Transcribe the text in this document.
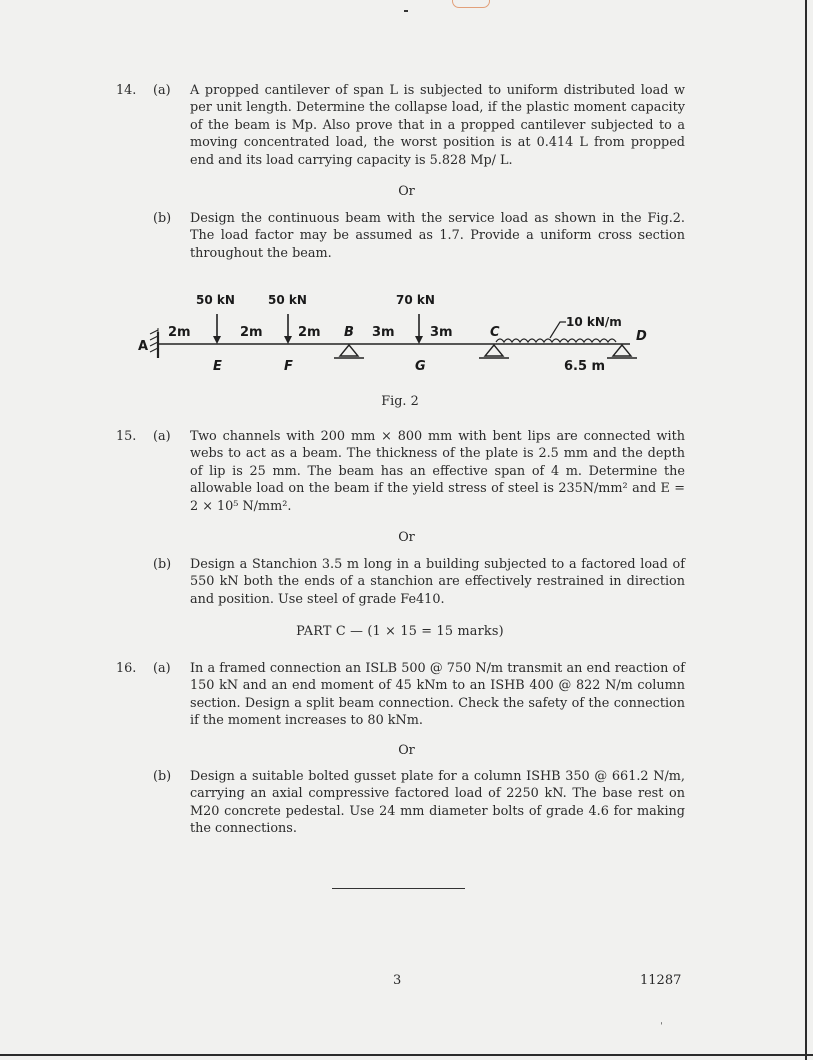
14. (a) A propped cantilever of span L is subjected to uniform distributed load w per unit length. Determine the collapse load, if the plastic moment capacity of the beam is Mp. Also prove that in a propped cantilever subjected to a moving concentrated load, the worst position is at 0.414 L from propped end and its load carrying capacity is 5.828 Mp/ L.
Or
(b) Design the continuous beam with the service load as shown in the Fig.2. The load factor may be assumed as 1.7. Provide a uniform cross section throughout the beam.
A
2m	2m	2m	3m	3m
50 kN	50 kN	70 kN
E	F
B
G
C	D
10 kN/m
6.5 m
Fig. 2
15. (a) Two channels with 200 mm × 800 mm with bent lips are connected with webs to act as a beam. The thickness of the plate is 2.5 mm and the depth of lip is 25 mm. The beam has an effective span of 4 m. Determine the allowable load on the beam if the yield stress of steel is 235N/mm² and E = 2 × 10⁵ N/mm².
Or
(b) Design a Stanchion 3.5 m long in a building subjected to a factored load of 550 kN both the ends of a stanchion are effectively restrained in direction and position. Use steel of grade Fe410.
PART C — (1 × 15 = 15 marks)
16. (a) In a framed connection an ISLB 500 @ 750 N/m transmit an end reaction of 150 kN and an end moment of 45 kNm to an ISHB 400 @ 822 N/m column section. Design a split beam connection. Check the safety of the connection if the moment increases to 80 kNm.
Or
(b) Design a suitable bolted gusset plate for a column ISHB 350 @ 661.2 N/m, carrying an axial compressive factored load of 2250 kN. The base rest on M20 concrete pedestal. Use 24 mm diameter bolts of grade 4.6 for making the connections.
3	11287
ˈ
